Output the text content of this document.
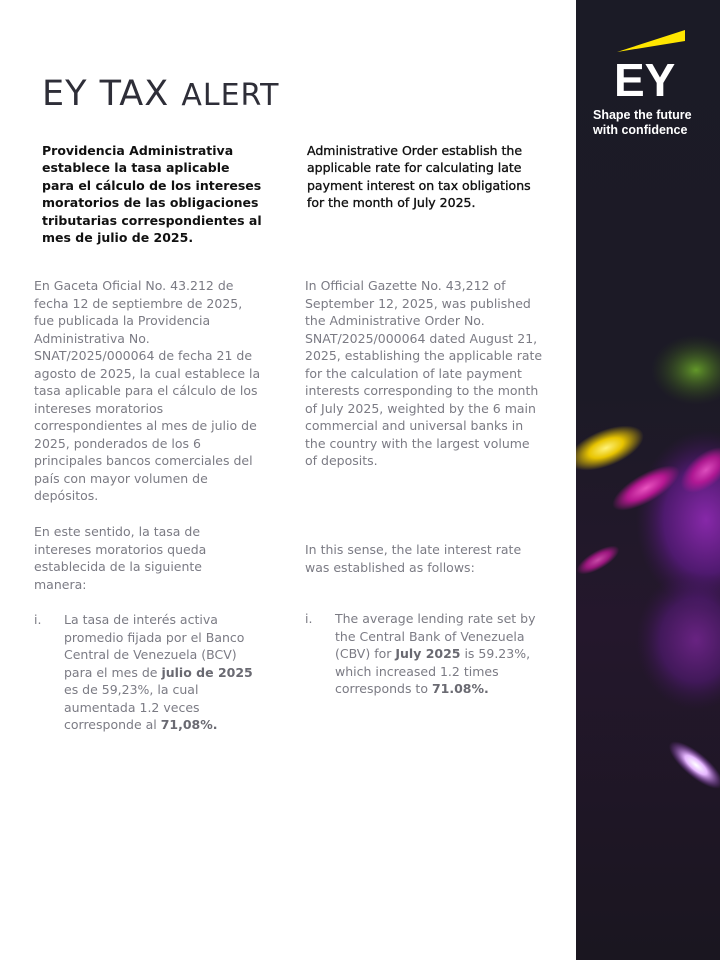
EY TAX ALERT

Providencia Administrativa establece la tasa aplicable para el cálculo de los intereses moratorios de las obligaciones tributarias correspondientes al mes de julio de 2025.

Administrative Order establish the applicable rate for calculating late payment interest on tax obligations for the month of July 2025.

En Gaceta Oficial No. 43.212 de fecha 12 de septiembre de 2025, fue publicada la Providencia Administrativa No. SNAT/2025/000064 de fecha 21 de agosto de 2025, la cual establece la tasa aplicable para el cálculo de los intereses moratorios correspondientes al mes de julio de 2025, ponderados de los 6 principales bancos comerciales del país con mayor volumen de depósitos.

In Official Gazette No. 43,212 of September 12, 2025, was published the Administrative Order No. SNAT/2025/000064 dated August 21, 2025, establishing the applicable rate for the calculation of late payment interests corresponding to the month of July 2025, weighted by the 6 main commercial and universal banks in the country with the largest volume of deposits.

En este sentido, la tasa de intereses moratorios queda establecida de la siguiente manera:

In this sense, the late interest rate was established as follows:

i.	La tasa de interés activa promedio fijada por el Banco Central de Venezuela (BCV) para el mes de julio de 2025 es de 59,23%, la cual aumentada 1.2 veces corresponde al 71,08%.
i.	The average lending rate set by the Central Bank of Venezuela (CBV) for July 2025 is 59.23%, which increased 1.2 times corresponds to 71.08%.
EY
Shape the future
with confidence
